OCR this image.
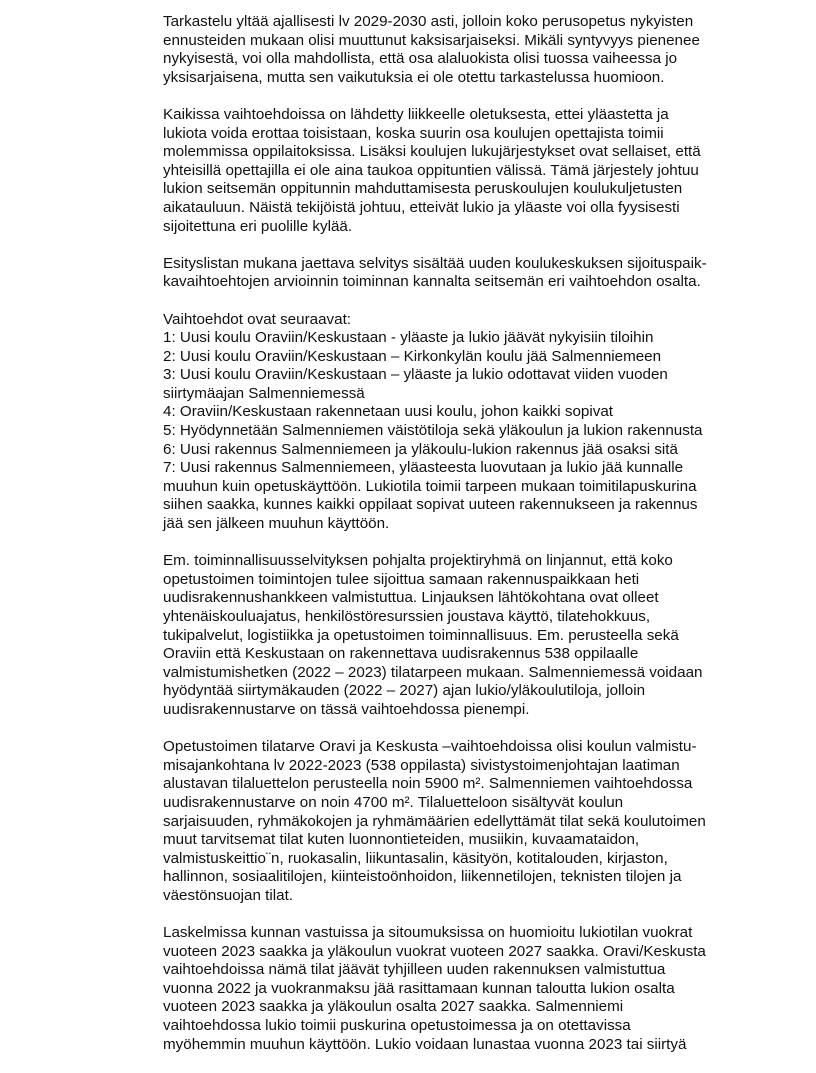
Tarkastelu yltää ajallisesti lv 2029-2030 asti, jolloin koko perusopetus nykyisten
ennusteiden mukaan olisi muuttunut kaksisarjaiseksi. Mikäli syntyvyys pienenee
nykyisestä, voi olla mahdollista, että osa alaluokista olisi tuossa vaiheessa jo
yksisarjaisena, mutta sen vaikutuksia ei ole otettu tarkastelussa huomioon.
Kaikissa vaihtoehdoissa on lähdetty liikkeelle oletuksesta, ettei yläastetta ja
lukiota voida erottaa toisistaan, koska suurin osa koulujen opettajista toimii
molemmissa oppilaitoksissa. Lisäksi koulujen lukujärjestykset ovat sellaiset, että
yhteisillä opettajilla ei ole aina taukoa oppituntien välissä. Tämä järjestely johtuu
lukion seitsemän oppitunnin mahduttamisesta peruskoulujen koulukuljetusten
aikatauluun. Näistä tekijöistä johtuu, etteivät lukio ja yläaste voi olla fyysisesti
sijoitettuna eri puolille kylää.
Esityslistan mukana jaettava selvitys sisältää uuden koulukeskuksen sijoituspaik-
kavaihtoehtojen arvioinnin toiminnan kannalta seitsemän eri vaihtoehdon osalta.
Vaihtoehdot ovat seuraavat:
1: Uusi koulu Oraviin/Keskustaan - yläaste ja lukio jäävät nykyisiin tiloihin
2: Uusi koulu Oraviin/Keskustaan – Kirkonkylän koulu jää Salmenniemeen
3: Uusi koulu Oraviin/Keskustaan – yläaste ja lukio odottavat viiden vuoden
siirtymäajan Salmenniemessä
4: Oraviin/Keskustaan rakennetaan uusi koulu, johon kaikki sopivat
5: Hyödynnetään Salmenniemen väistötiloja sekä yläkoulun ja lukion rakennusta
6: Uusi rakennus Salmenniemeen ja yläkoulu-lukion rakennus jää osaksi sitä
7: Uusi rakennus Salmenniemeen, yläasteesta luovutaan ja lukio jää kunnalle
muuhun kuin opetuskäyttöön. Lukiotila toimii tarpeen mukaan toimitilapuskurina
siihen saakka, kunnes kaikki oppilaat sopivat uuteen rakennukseen ja rakennus
jää sen jälkeen muuhun käyttöön.
Em. toiminnallisuusselvityksen pohjalta projektiryhmä on linjannut, että koko
opetustoimen toimintojen tulee sijoittua samaan rakennuspaikkaan heti
uudisrakennushankkeen valmistuttua. Linjauksen lähtökohtana ovat olleet
yhtenäiskouluajatus, henkilöstöresurssien joustava käyttö, tilatehokkuus,
tukipalvelut, logistiikka ja opetustoimen toiminnallisuus. Em. perusteella sekä
Oraviin että Keskustaan on rakennettava uudisrakennus 538 oppilaalle
valmistumishetken (2022 – 2023) tilatarpeen mukaan. Salmenniemessä voidaan
hyödyntää siirtymäkauden (2022 – 2027) ajan lukio/yläkoulutiloja, jolloin
uudisrakennustarve on tässä vaihtoehdossa pienempi.
Opetustoimen tilatarve Oravi ja Keskusta –vaihtoehdoissa olisi koulun valmistu-
misajankohtana lv 2022-2023 (538 oppilasta) sivistystoimenjohtajan laatiman
alustavan tilaluettelon perusteella noin 5900 m². Salmenniemen vaihtoehdossa
uudisrakennustarve on noin 4700 m². Tilaluetteloon sisältyvät koulun
sarjaisuuden, ryhmäkokojen ja ryhmämäärien edellyttämät tilat sekä koulutoimen
muut tarvitsemat tilat kuten luonnontieteiden, musiikin, kuvaamataidon,
valmistuskeittio¨n, ruokasalin, liikuntasalin, käsityön, kotitalouden, kirjaston,
hallinnon, sosiaalitilojen, kiinteistoönhoidon, liikennetilojen, teknisten tilojen ja
väestönsuojan tilat.
Laskelmissa kunnan vastuissa ja sitoumuksissa on huomioitu lukiotilan vuokrat
vuoteen 2023 saakka ja yläkoulun vuokrat vuoteen 2027 saakka. Oravi/Keskusta
vaihtoehdoissa nämä tilat jäävät tyhjilleen uuden rakennuksen valmistuttua
vuonna 2022 ja vuokranmaksu jää rasittamaan kunnan taloutta lukion osalta
vuoteen 2023 saakka ja yläkoulun osalta 2027 saakka. Salmenniemi
vaihtoehdossa lukio toimii puskurina opetustoimessa ja on otettavissa
myöhemmin muuhun käyttöön. Lukio voidaan lunastaa vuonna 2023 tai siirtyä
